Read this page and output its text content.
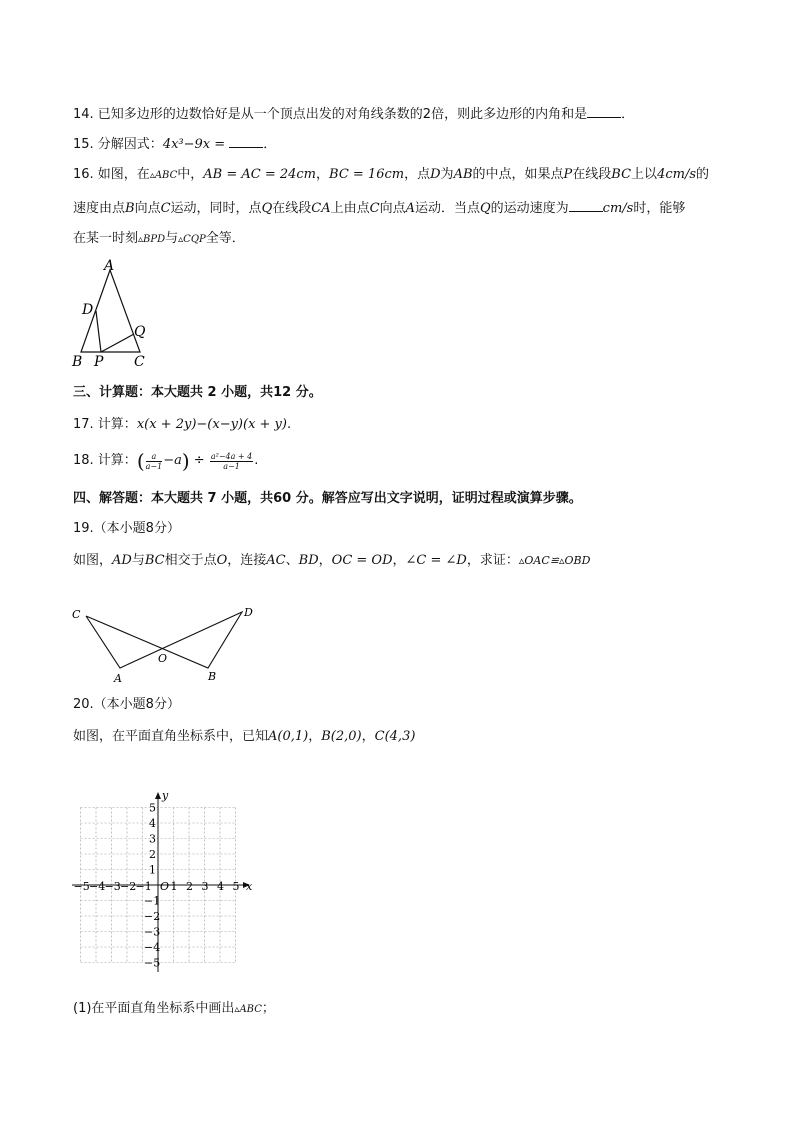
14. 已知多边形的边数恰好是从一个顶点出发的对角线条数的2倍，则此多边形的内角和是	．
15. 分解因式：4x³−9x =	．
16. 如图，在▵ABC中，AB = AC = 24cm，BC = 16cm，点D为AB的中点，如果点P在线段BC上以4cm/s的
速度由点B向点C运动，同时，点Q在线段CA上由点C向点A运动．当点Q的运动速度为	cm/s时，能够
在某一时刻▵BPD与▵CQP全等．
A
D
Q
B P C
三、计算题：本大题共 2 小题，共12 分。
17. 计算：x(x + 2y)−(x−y)(x + y).
18. 计算：( $\frac{a}{a-1} -a) \div \frac{\text{a²−4a + 4}}{a-1}$ .
四、解答题：本大题共 7 小题，共60 分。解答应写出文字说明，证明过程或演算步骤。
19.（本小题8分）
如图，AD与BC相交于点O，连接AC、BD，OC = OD，∠C = ∠D，求证：▵OAC≌▵OBD
C	D
O
A	B
20.（本小题8分）
如图，在平面直角坐标系中，已知A(0,1)，B(2,0)，C(4,3)
x
y
O
−5 −4 −3 −2 −1 1 2 3 4 5
5
4
3
2
1
−1
−2
−3
−4
−5
(1)在平面直角坐标系中画出▵ABC；
